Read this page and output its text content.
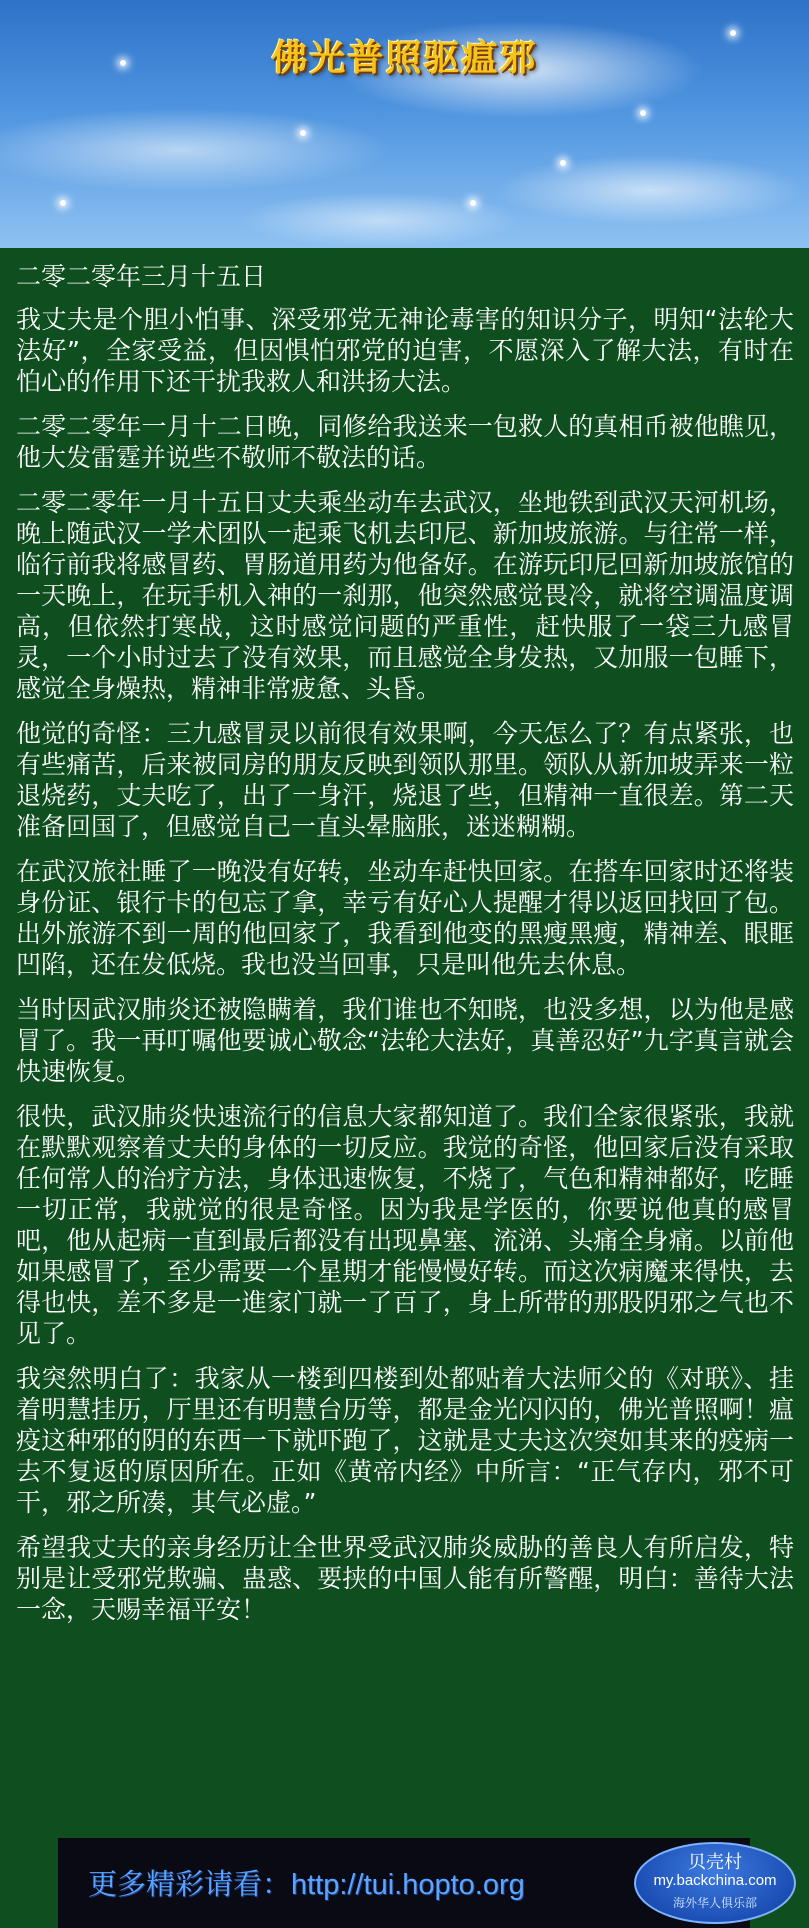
佛光普照驱瘟邪

二零二零年三月十五日

我丈夫是个胆小怕事、深受邪党无神论毒害的知识分子，明知“法轮大法好”，全家受益，但因惧怕邪党的迫害，不愿深入了解大法，有时在怕心的作用下还干扰我救人和洪扬大法。

二零二零年一月十二日晚，同修给我送来一包救人的真相币被他瞧见，他大发雷霆并说些不敬师不敬法的话。

二零二零年一月十五日丈夫乘坐动车去武汉，坐地铁到武汉天河机场，晚上随武汉一学术团队一起乘飞机去印尼、新加坡旅游。与往常一样，临行前我将感冒药、胃肠道用药为他备好。在游玩印尼回新加坡旅馆的一天晚上，在玩手机入神的一刹那，他突然感觉畏冷，就将空调温度调高，但依然打寒战，这时感觉问题的严重性，赶快服了一袋三九感冒灵，一个小时过去了没有效果，而且感觉全身发热，又加服一包睡下，感觉全身燥热，精神非常疲惫、头昏。

他觉的奇怪：三九感冒灵以前很有效果啊，今天怎么了？有点紧张，也有些痛苦，后来被同房的朋友反映到领队那里。领队从新加坡弄来一粒退烧药，丈夫吃了，出了一身汗，烧退了些，但精神一直很差。第二天准备回国了，但感觉自己一直头晕脑胀，迷迷糊糊。

在武汉旅社睡了一晚没有好转，坐动车赶快回家。在搭车回家时还将装身份证、银行卡的包忘了拿，幸亏有好心人提醒才得以返回找回了包。出外旅游不到一周的他回家了，我看到他变的黑瘦黑瘦，精神差、眼眶凹陷，还在发低烧。我也没当回事，只是叫他先去休息。

当时因武汉肺炎还被隐瞒着，我们谁也不知晓，也没多想，以为他是感冒了。我一再叮嘱他要诚心敬念“法轮大法好，真善忍好”九字真言就会快速恢复。

很快，武汉肺炎快速流行的信息大家都知道了。我们全家很紧张，我就在默默观察着丈夫的身体的一切反应。我觉的奇怪，他回家后没有采取任何常人的治疗方法，身体迅速恢复，不烧了，气色和精神都好，吃睡一切正常，我就觉的很是奇怪。因为我是学医的，你要说他真的感冒吧，他从起病一直到最后都没有出现鼻塞、流涕、头痛全身痛。以前他如果感冒了，至少需要一个星期才能慢慢好转。而这次病魔来得快，去得也快，差不多是一進家门就一了百了，身上所带的那股阴邪之气也不见了。

我突然明白了：我家从一楼到四楼到处都贴着大法师父的《对联》、挂着明慧挂历，厅里还有明慧台历等，都是金光闪闪的，佛光普照啊！瘟疫这种邪的阴的东西一下就吓跑了，这就是丈夫这次突如其来的疫病一去不复返的原因所在。正如《黄帝内经》中所言：“正气存内，邪不可干，邪之所凑，其气必虚。”

希望我丈夫的亲身经历让全世界受武汉肺炎威胁的善良人有所启发，特别是让受邪党欺骗、蛊惑、要挟的中国人能有所警醒，明白：善待大法一念，天赐幸福平安！

更多精彩请看：http://tui.hopto.org
贝壳村
my.backchina.com
海外华人俱乐部
